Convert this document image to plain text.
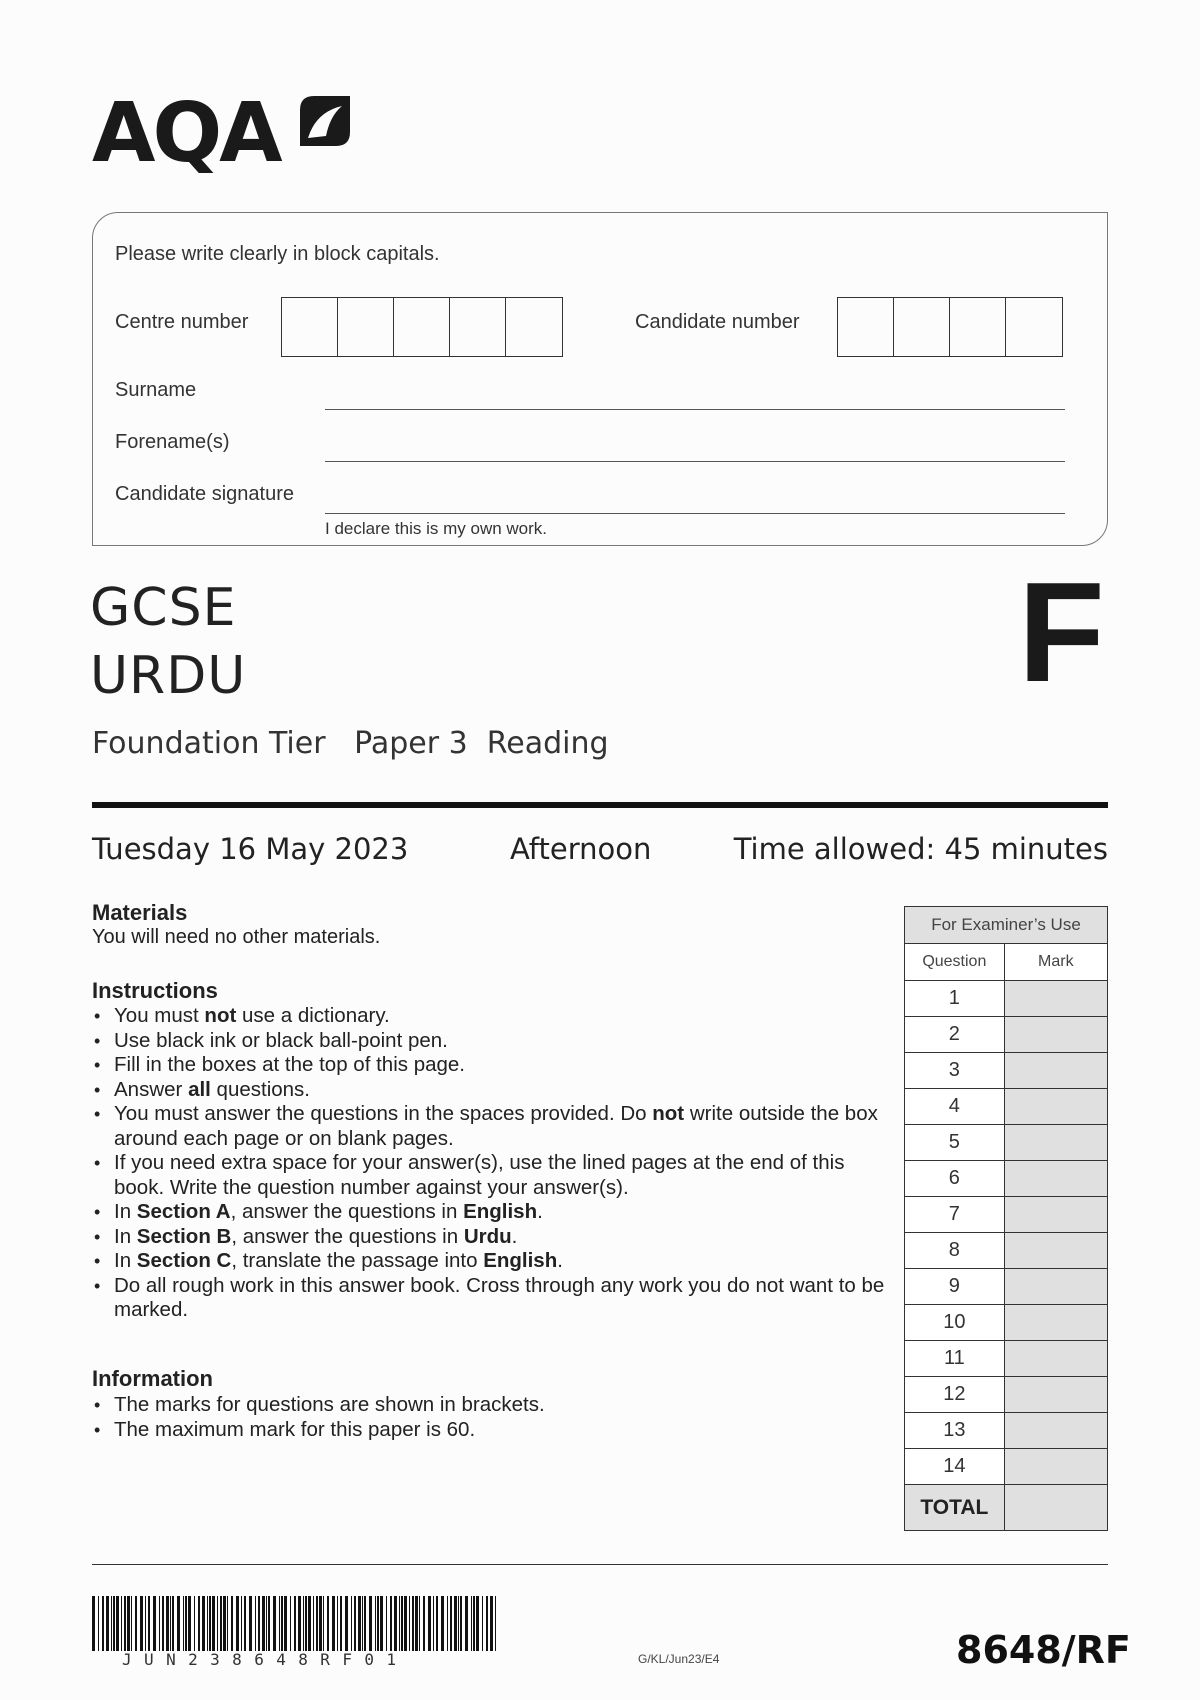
AQA
Please write clearly in block capitals.
Centre number	Candidate number
Surname
Forename(s)
Candidate signature
I declare this is my own work.
GCSE
URDU	F
Foundation Tier   Paper 3  Reading
Tuesday 16 May 2023	Afternoon	Time allowed: 45 minutes
Materials
You will need no other materials.
Instructions
• You must not use a dictionary.
• Use black ink or black ball-point pen.
• Fill in the boxes at the top of this page.
• Answer all questions.
• You must answer the questions in the spaces provided. Do not write outside the box around each page or on blank pages.
• If you need extra space for your answer(s), use the lined pages at the end of this book. Write the question number against your answer(s).
• In Section A, answer the questions in English.
• In Section B, answer the questions in Urdu.
• In Section C, translate the passage into English.
• Do all rough work in this answer book. Cross through any work you do not want to be marked.
Information
• The marks for questions are shown in brackets.
• The maximum mark for this paper is 60.
For Examiner’s Use	
Question	Mark
1	
2	
3	
4	
5	
6	
7	
8	
9	
10	
11	
12	
13	
14	
TOTAL	
JUN238648RF01	G/KL/Jun23/E4	8648/RF
